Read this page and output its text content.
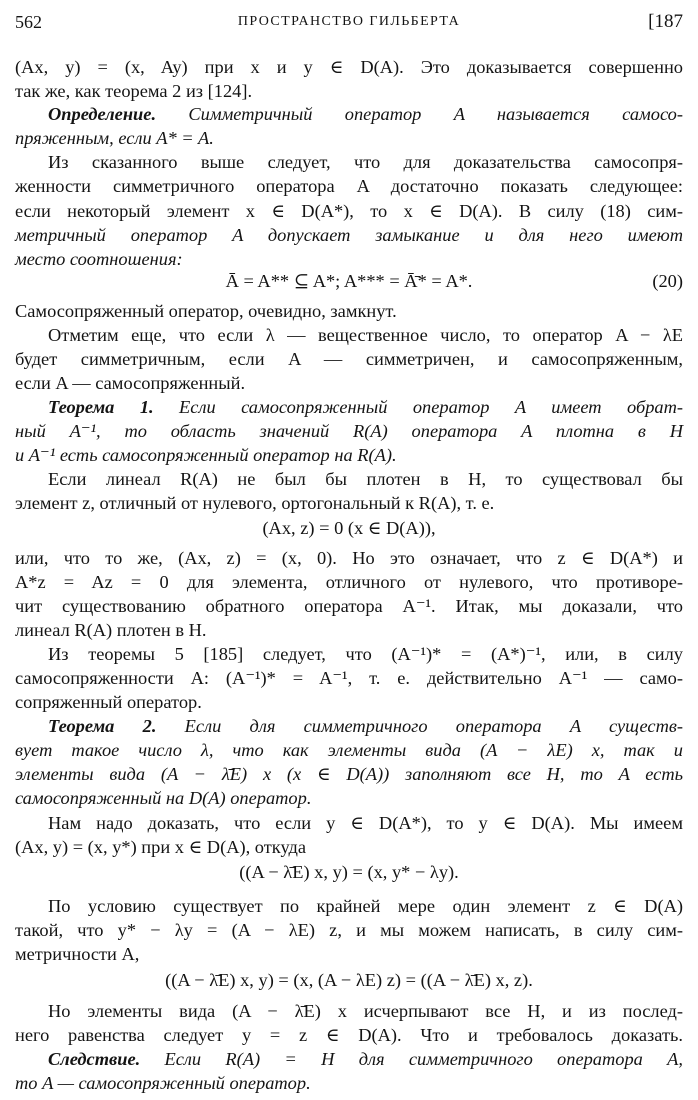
562	ПРОСТРАНСТВО ГИЛЬБЕРТА	[187
(Ax, y) = (x, Ay) при x и y ∈ D(A). Это доказывается совершенно
так же, как теорема 2 из [124].
Определение. Симметричный оператор A называется самосо-
пряженным, если A* = A.
Из сказанного выше следует, что для доказательства самосопря-
женности симметричного оператора A достаточно показать следующее:
если некоторый элемент x ∈ D(A*), то x ∈ D(A). В силу (18) сим-
метричный оператор A допускает замыкание и для него имеют
место соотношения:
Ā = A** ⊆ A*; A*** = Ā̄* = A*.	(20)
Самосопряженный оператор, очевидно, замкнут.
Отметим еще, что если λ — вещественное число, то оператор A − λE
будет симметричным, если A — симметричен, и самосопряженным,
если A — самосопряженный.
Теорема 1. Если самосопряженный оператор A имеет обрат-
ный A⁻¹, то область значений R(A) оператора A плотна в H
и A⁻¹ есть самосопряженный оператор на R(A).
Если линеал R(A) не был бы плотен в H, то существовал бы
элемент z, отличный от нулевого, ортогональный к R(A), т. е.
(Ax, z) = 0 (x ∈ D(A)),
или, что то же, (Ax, z) = (x, 0). Но это означает, что z ∈ D(A*) и
A*z = Az = 0 для элемента, отличного от нулевого, что противоре-
чит существованию обратного оператора A⁻¹. Итак, мы доказали, что
линеал R(A) плотен в H.
Из теоремы 5 [185] следует, что (A⁻¹)* = (A*)⁻¹, или, в силу
самосопряженности A: (A⁻¹)* = A⁻¹, т. е. действительно A⁻¹ — само-
сопряженный оператор.
Теорема 2. Если для симметричного оператора A существ-
вует такое число λ, что как элементы вида (A − λE) x, так и
элементы вида (A − λ̄E) x (x ∈ D(A)) заполняют все H, то A есть
самосопряженный на D(A) оператор.
Нам надо доказать, что если y ∈ D(A*), то y ∈ D(A). Мы имеем
(Ax, y) = (x, y*) при x ∈ D(A), откуда
((A − λ̄E) x, y) = (x, y* − λy).
По условию существует по крайней мере один элемент z ∈ D(A)
такой, что y* − λy = (A − λE) z, и мы можем написать, в силу сим-
метричности A,
((A − λ̄E) x, y) = (x, (A − λE) z) = ((A − λ̄E) x, z).
Но элементы вида (A − λ̄E) x исчерпывают все H, и из послед-
него равенства следует y = z ∈ D(A). Что и требовалось доказать.
Следствие. Если R(A) = H для симметричного оператора A,
то A — самосопряженный оператор.
